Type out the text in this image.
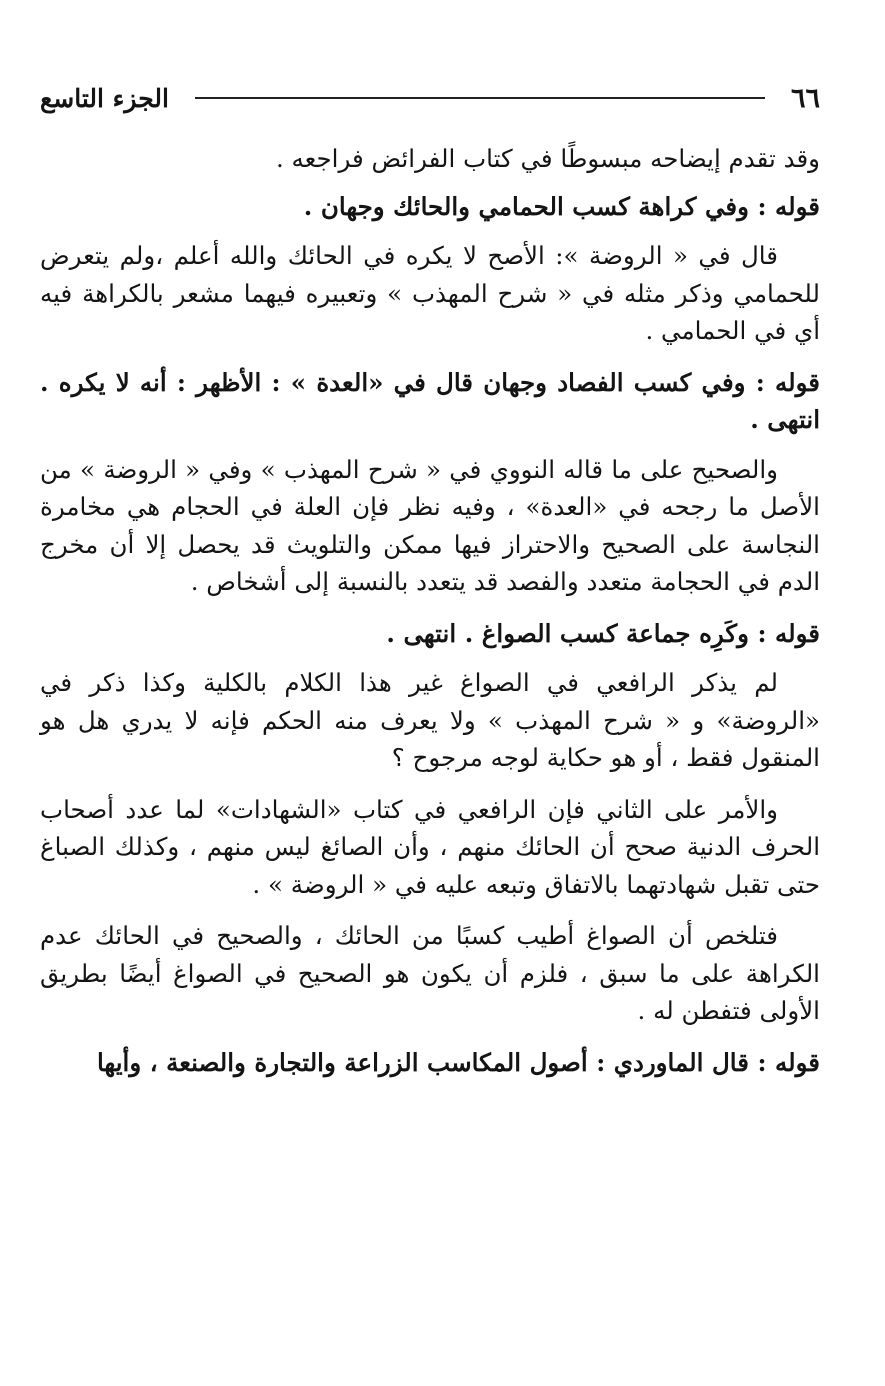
٦٦
الجزء التاسع

وقد تقدم إيضاحه مبسوطًا في كتاب الفرائض فراجعه .

قوله : وفي كراهة كسب الحمامي والحائك وجهان .

قال في « الروضة »: الأصح لا يكره في الحائك والله أعلم ،ولم يتعرض للحمامي وذكر مثله في « شرح المهذب » وتعبيره فيهما مشعر بالكراهة فيه أي في الحمامي .

قوله : وفي كسب الفصاد وجهان قال في «العدة » : الأظهر : أنه لا يكره . انتهى .

والصحيح على ما قاله النووي في « شرح المهذب » وفي « الروضة » من الأصل ما رجحه في «العدة» ، وفيه نظر فإن العلة في الحجام هي مخامرة النجاسة على الصحيح والاحتراز فيها ممكن والتلويث قد يحصل إلا أن مخرج الدم في الحجامة متعدد والفصد قد يتعدد بالنسبة إلى أشخاص .

قوله : وكَرِه جماعة كسب الصواغ . انتهى .

لم يذكر الرافعي في الصواغ غير هذا الكلام بالكلية وكذا ذكر في «الروضة» و « شرح المهذب » ولا يعرف منه الحكم فإنه لا يدري هل هو المنقول فقط ، أو هو حكاية لوجه مرجوح ؟

والأمر على الثاني فإن الرافعي في كتاب «الشهادات» لما عدد أصحاب الحرف الدنية صحح أن الحائك منهم ، وأن الصائغ ليس منهم ، وكذلك الصباغ حتى تقبل شهادتهما بالاتفاق وتبعه عليه في « الروضة » .

فتلخص أن الصواغ أطيب كسبًا من الحائك ، والصحيح في الحائك عدم الكراهة على ما سبق ، فلزم أن يكون هو الصحيح في الصواغ أيضًا بطريق الأولى فتفطن له .

قوله : قال الماوردي : أصول المكاسب الزراعة والتجارة والصنعة ، وأيها
